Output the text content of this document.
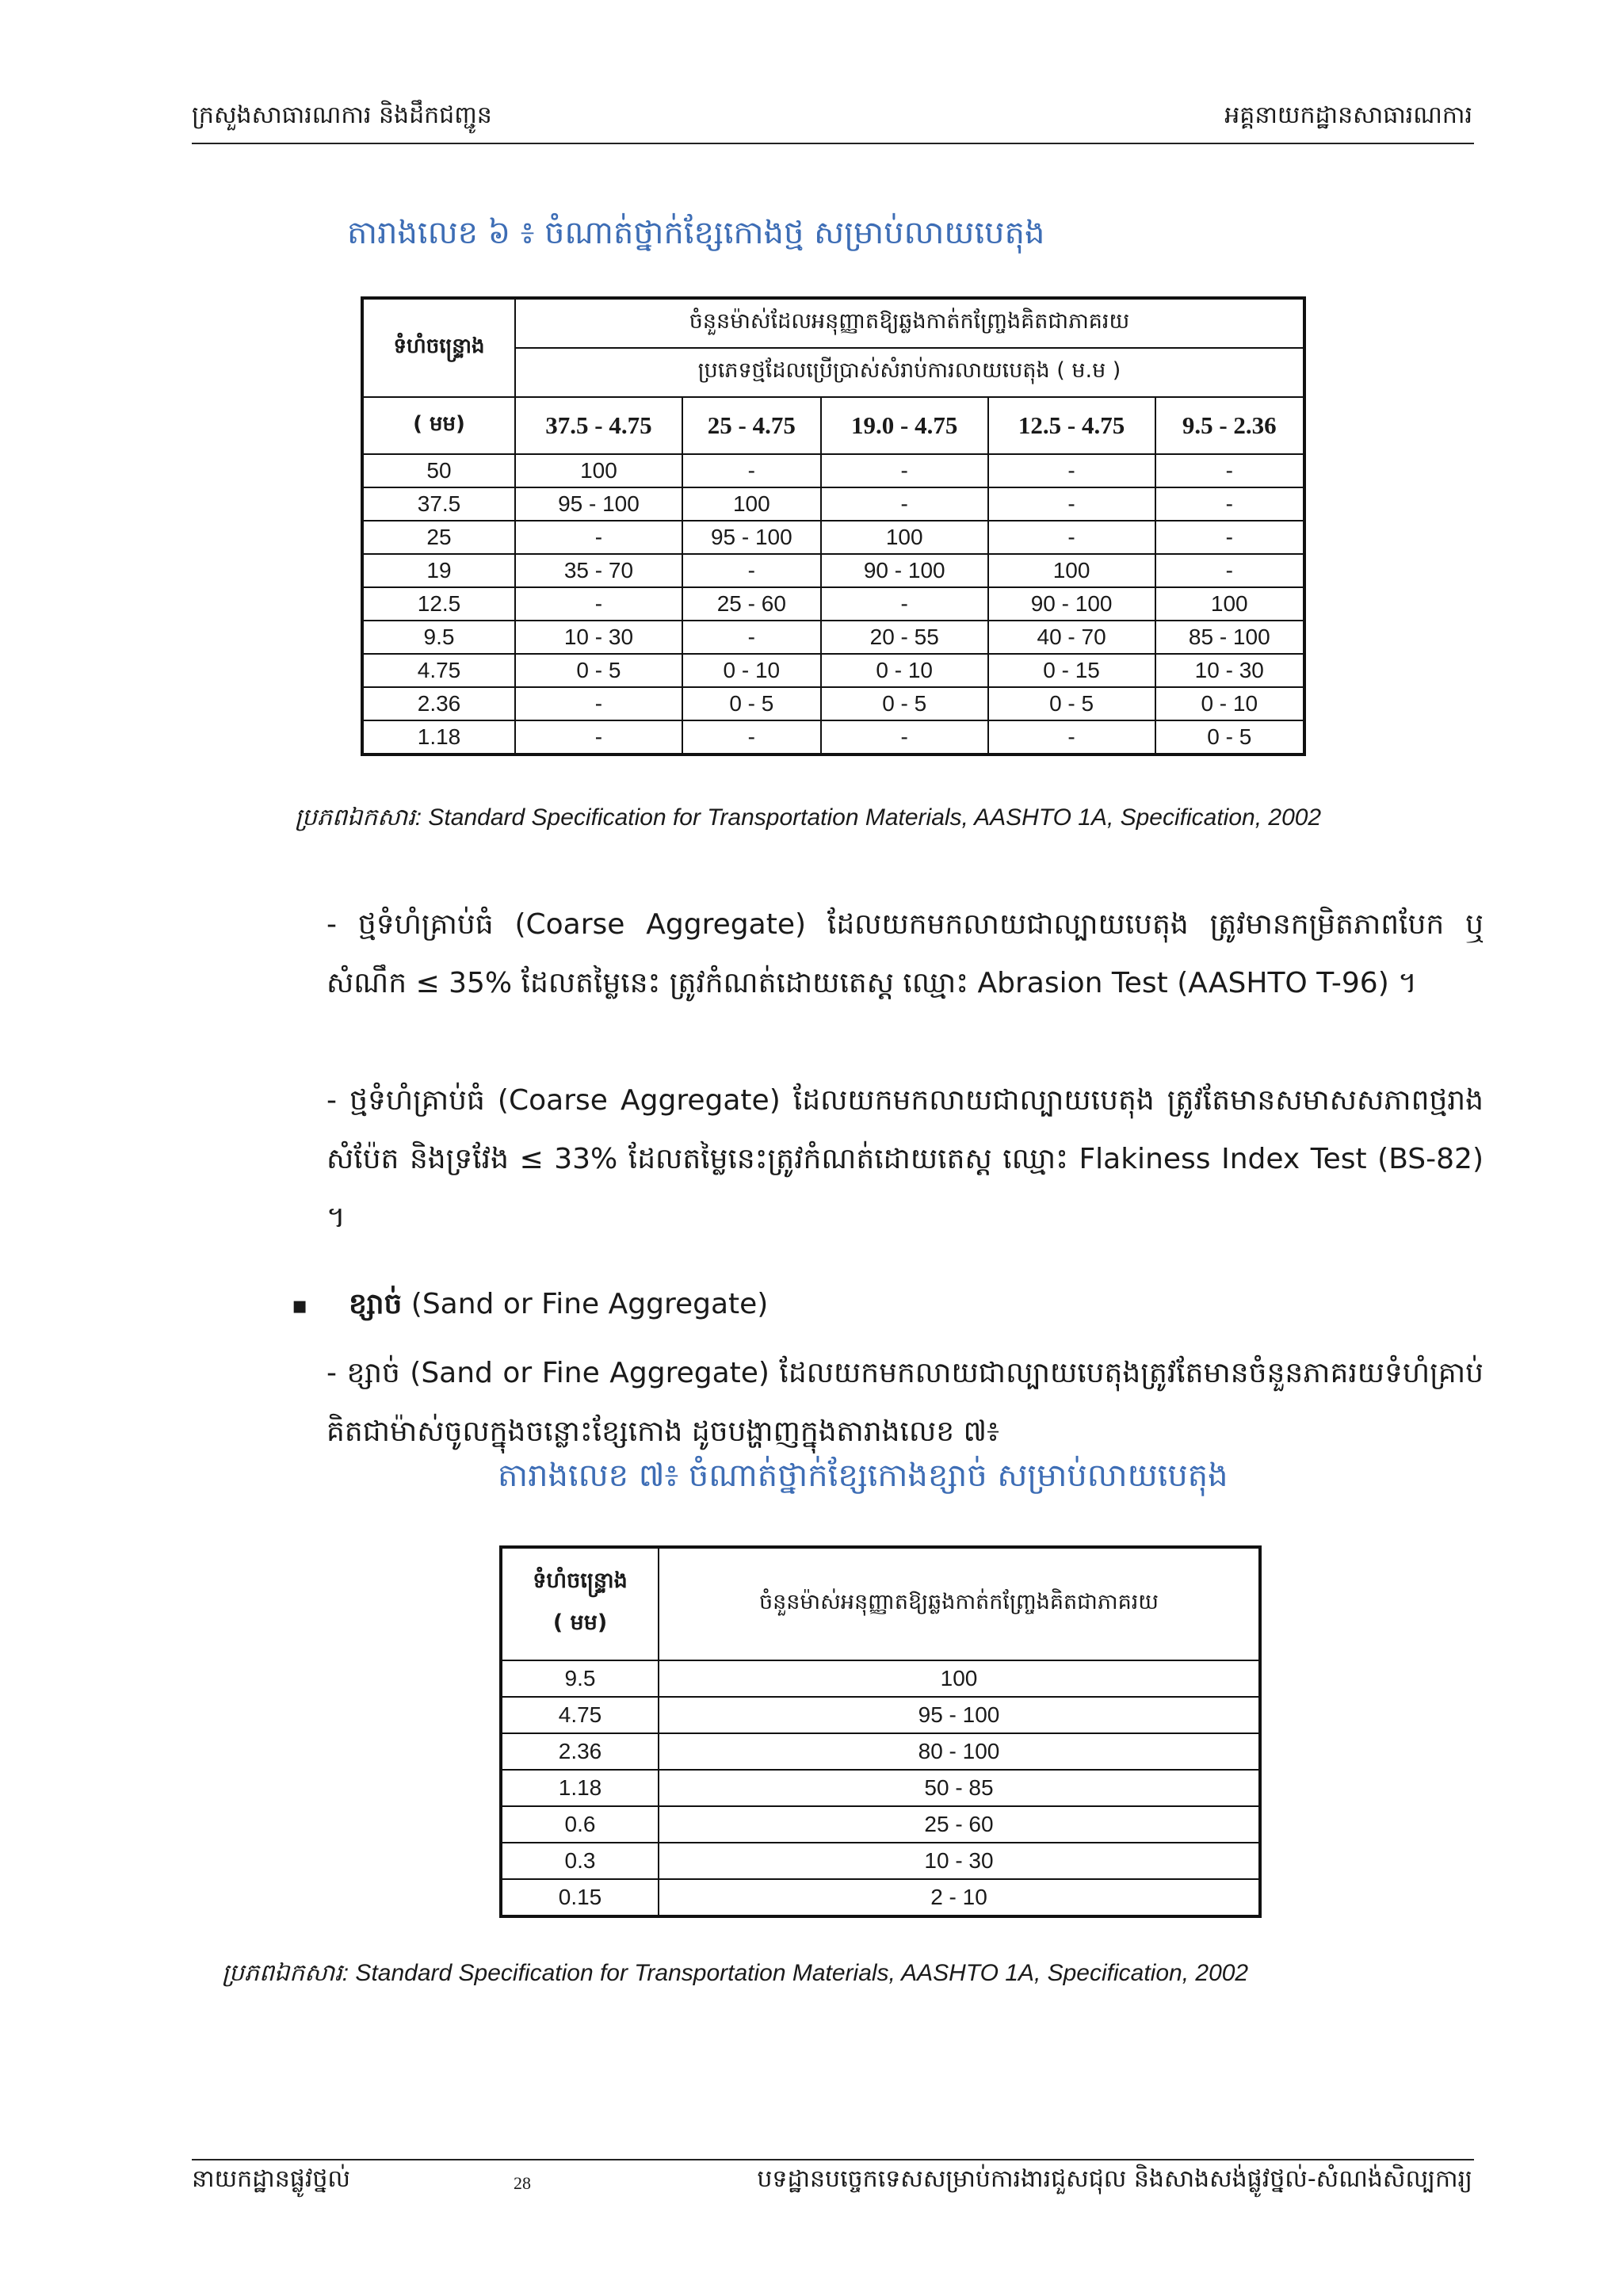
ក្រសួងសាធារណការ និងដឹកជញ្ជូន	អគ្គនាយកដ្ឋានសាធារណការ
តារាងលេខ ៦ ៖ ចំណាត់ថ្នាក់ខ្សែកោងថ្ម សម្រាប់លាយបេតុង
ទំហំចន្រ្ទោង	ចំនួនម៉ាស់ដែលអនុញ្ញាតឱ្យឆ្លងកាត់កញ្រ្ចែងគិតជាភាគរយ				
	ប្រភេទថ្មដែលប្រើប្រាស់សំរាប់ការលាយបេតុង ( ម.ម )				
( មម)	37.5 - 4.75	25 - 4.75	19.0 - 4.75	12.5 - 4.75	9.5 - 2.36
50	100	-	-	-	-
37.5	95 - 100	100	-	-	-
25	-	95 - 100	100	-	-
19	35 - 70	-	90 - 100	100	-
12.5	-	25 - 60	-	90 - 100	100
9.5	10 - 30	-	20 - 55	40 - 70	85 - 100
4.75	0 - 5	0 - 10	0 - 10	0 - 15	10 - 30
2.36	-	0 - 5	0 - 5	0 - 5	0 - 10
1.18	-	-	-	-	0 - 5
ប្រភពឯកសារ: Standard Specification for Transportation Materials, AASHTO 1A, Specification, 2002
- ថ្មទំហំគ្រាប់ធំ (Coarse Aggregate) ដែលយកមកលាយជាល្បាយបេតុង ត្រូវមានកម្រិតភាពបែក ឬសំណឹក ≤ 35% ដែលតម្លៃនេះ ត្រូវកំណត់ដោយតេស្ត ឈ្មោះ Abrasion Test (AASHTO T-96) ។
- ថ្មទំហំគ្រាប់ធំ (Coarse Aggregate) ដែលយកមកលាយជាល្បាយបេតុង ត្រូវតែមានសមាសសភាពថ្មរាងសំប៉ែត និងទ្រវែង ≤ 33% ដែលតម្លៃនេះត្រូវកំណត់ដោយតេស្ត ឈ្មោះ Flakiness Index Test (BS-82) ។
▪ ខ្សាច់ (Sand or Fine Aggregate)
- ខ្សាច់ (Sand or Fine Aggregate) ដែលយកមកលាយជាល្បាយបេតុងត្រូវតែមានចំនួនភាគរយទំហំគ្រាប់គិតជាម៉ាស់ចូលក្នុងចន្លោះខ្សែកោង ដូចបង្ហាញក្នុងតារាងលេខ ៧៖
តារាងលេខ ៧៖ ចំណាត់ថ្នាក់ខ្សែកោងខ្សាច់ សម្រាប់លាយបេតុង
ទំហំចន្រ្ទោង
( មម)	ចំនួនម៉ាស់អនុញ្ញាតឱ្យឆ្លងកាត់កញ្រ្ចែងគិតជាភាគរយ
9.5	100
4.75	95 - 100
2.36	80 - 100
1.18	50 - 85
0.6	25 - 60
0.3	10 - 30
0.15	2 - 10
ប្រភពឯកសារ: Standard Specification for Transportation Materials, AASHTO 1A, Specification, 2002
នាយកដ្ឋានផ្លូវថ្នល់	28	បទដ្ឋានបច្ចេកទេសសម្រាប់ការងារជួសជុល និងសាងសង់ផ្លូវថ្នល់-សំណង់សិល្បការ្យ
